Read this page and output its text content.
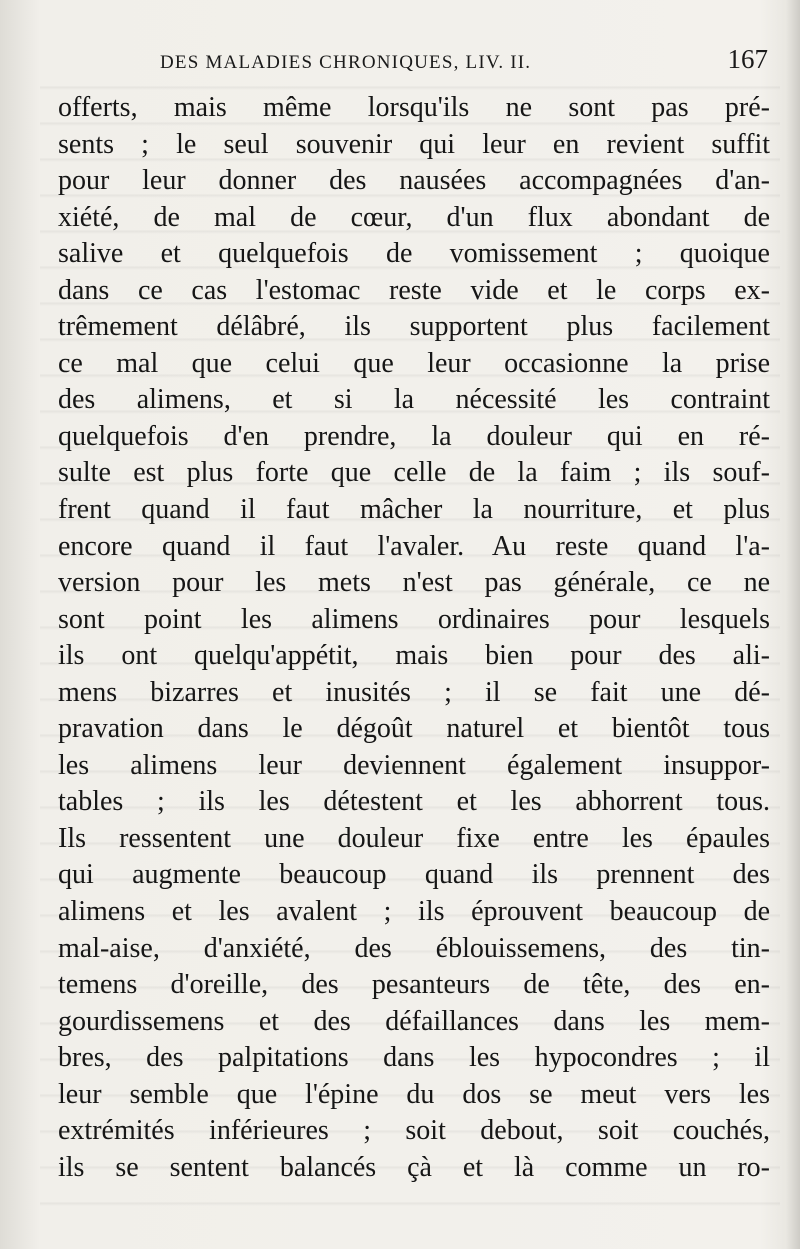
DES MALADIES CHRONIQUES, LIV. II.	167
offerts, mais même lorsqu'ils ne sont pas pré-
sents ; le seul souvenir qui leur en revient suffit
pour leur donner des nausées accompagnées d'an-
xiété, de mal de cœur, d'un flux abondant de
salive et quelquefois de vomissement ; quoique
dans ce cas l'estomac reste vide et le corps ex-
trêmement délâbré, ils supportent plus facilement
ce mal que celui que leur occasionne la prise
des alimens, et si la nécessité les contraint
quelquefois d'en prendre, la douleur qui en ré-
sulte est plus forte que celle de la faim ; ils souf-
frent quand il faut mâcher la nourriture, et plus
encore quand il faut l'avaler. Au reste quand l'a-
version pour les mets n'est pas générale, ce ne
sont point les alimens ordinaires pour lesquels
ils ont quelqu'appétit, mais bien pour des ali-
mens bizarres et inusités ; il se fait une dé-
pravation dans le dégoût naturel et bientôt tous
les alimens leur deviennent également insuppor-
tables ; ils les détestent et les abhorrent tous.
Ils ressentent une douleur fixe entre les épaules
qui augmente beaucoup quand ils prennent des
alimens et les avalent ; ils éprouvent beaucoup de
mal-aise, d'anxiété, des éblouissemens, des tin-
temens d'oreille, des pesanteurs de tête, des en-
gourdissemens et des défaillances dans les mem-
bres, des palpitations dans les hypocondres ; il
leur semble que l'épine du dos se meut vers les
extrémités inférieures ; soit debout, soit couchés,
ils se sentent balancés çà et là comme un ro-
